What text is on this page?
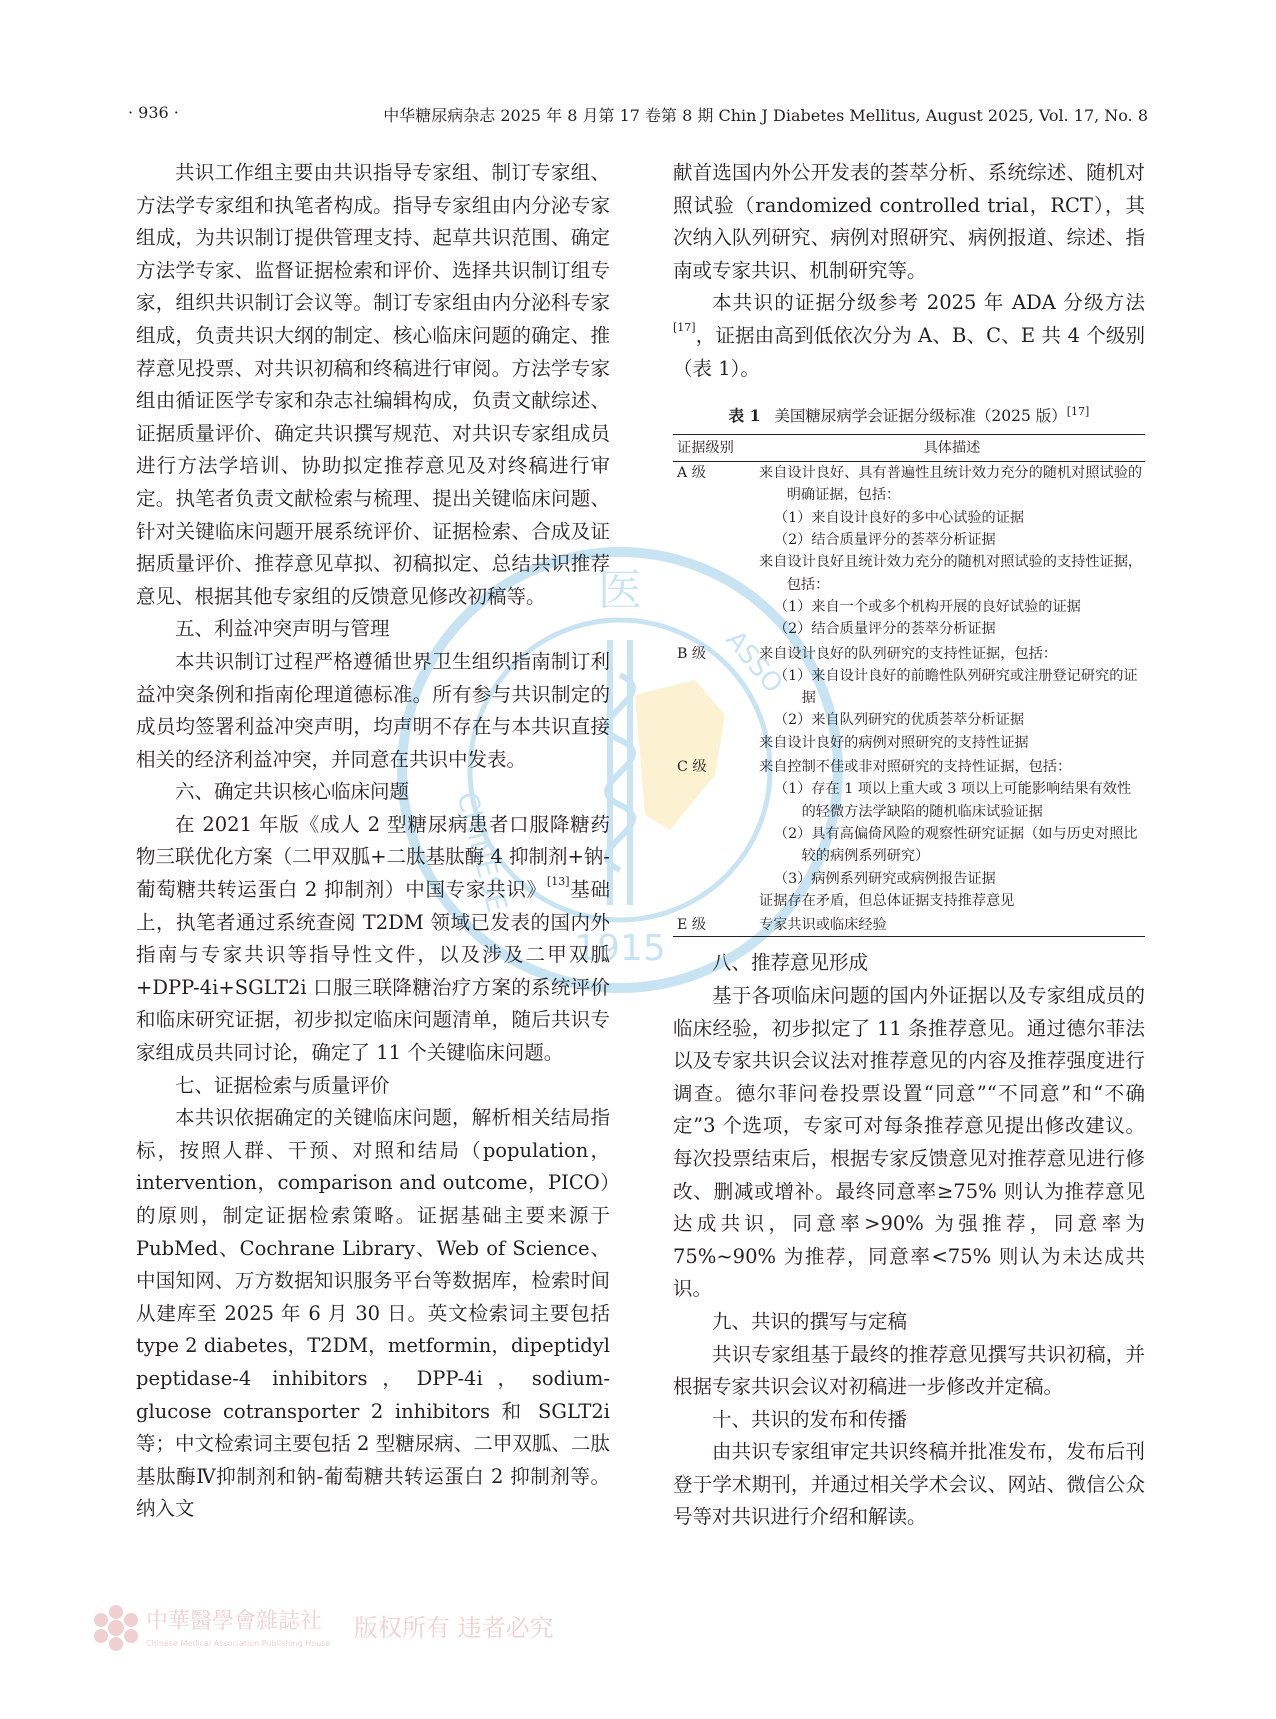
· 936 ·	中华糖尿病杂志 2025 年 8 月第 17 卷第 8 期 Chin J Diabetes Mellitus, August 2025, Vol. 17, No. 8
医
CHINESE
ASSO
1915

共识工作组主要由共识指导专家组、制订专家组、方法学专家组和执笔者构成。指导专家组由内分泌专家组成，为共识制订提供管理支持、起草共识范围、确定方法学专家、监督证据检索和评价、选择共识制订组专家，组织共识制订会议等。制订专家组由内分泌科专家组成，负责共识大纲的制定、核心临床问题的确定、推荐意见投票、对共识初稿和终稿进行审阅。方法学专家组由循证医学专家和杂志社编辑构成，负责文献综述、证据质量评价、确定共识撰写规范、对共识专家组成员进行方法学培训、协助拟定推荐意见及对终稿进行审定。执笔者负责文献检索与梳理、提出关键临床问题、针对关键临床问题开展系统评价、证据检索、合成及证据质量评价、推荐意见草拟、初稿拟定、总结共识推荐意见、根据其他专家组的反馈意见修改初稿等。

五、利益冲突声明与管理

本共识制订过程严格遵循世界卫生组织指南制订利益冲突条例和指南伦理道德标准。所有参与共识制定的成员均签署利益冲突声明，均声明不存在与本共识直接相关的经济利益冲突，并同意在共识中发表。

六、确定共识核心临床问题

在 2021 年版《成人 2 型糖尿病患者口服降糖药物三联优化方案（二甲双胍+二肽基肽酶 4 抑制剂+钠-葡萄糖共转运蛋白 2 抑制剂）中国专家共识》[13]基础上，执笔者通过系统查阅 T2DM 领域已发表的国内外指南与专家共识等指导性文件，以及涉及二甲双胍+DPP-4i+SGLT2i 口服三联降糖治疗方案的系统评价和临床研究证据，初步拟定临床问题清单，随后共识专家组成员共同讨论，确定了 11 个关键临床问题。

七、证据检索与质量评价

本共识依据确定的关键临床问题，解析相关结局指标，按照人群、干预、对照和结局（population，intervention，comparison and outcome，PICO）的原则，制定证据检索策略。证据基础主要来源于 PubMed、Cochrane Library、Web of Science、中国知网、万方数据知识服务平台等数据库，检索时间从建库至 2025 年 6 月 30 日。英文检索词主要包括 type 2 diabetes，T2DM，metformin，dipeptidyl peptidase-4 inhibitors，DPP-4i，sodium-glucose cotransporter 2 inhibitors 和 SGLT2i 等；中文检索词主要包括 2 型糖尿病、二甲双胍、二肽基肽酶Ⅳ抑制剂和钠-葡萄糖共转运蛋白 2 抑制剂等。纳入文

献首选国内外公开发表的荟萃分析、系统综述、随机对照试验（randomized controlled trial，RCT），其次纳入队列研究、病例对照研究、病例报道、综述、指南或专家共识、机制研究等。

本共识的证据分级参考 2025 年 ADA 分级方法[17]，证据由高到低依次分为 A、B、C、E 共 4 个级别（表 1）。

表 1 美国糖尿病学会证据分级标准（2025 版）[17]
证据级别	具体描述
A 级	来自设计良好、具有普遍性且统计效力充分的随机对照试验的明确证据，包括：

	（1）来自设计良好的多中心试验的证据

	（2）结合质量评分的荟萃分析证据

	来自设计良好且统计效力充分的随机对照试验的支持性证据，包括：

	（1）来自一个或多个机构开展的良好试验的证据

	（2）结合质量评分的荟萃分析证据

B 级	来自设计良好的队列研究的支持性证据，包括：

	（1）来自设计良好的前瞻性队列研究或注册登记研究的证据

	（2）来自队列研究的优质荟萃分析证据

	来自设计良好的病例对照研究的支持性证据

C 级	来自控制不佳或非对照研究的支持性证据，包括：

	（1）存在 1 项以上重大或 3 项以上可能影响结果有效性的轻微方法学缺陷的随机临床试验证据

	（2）具有高偏倚风险的观察性研究证据（如与历史对照比较的病例系列研究）

	（3）病例系列研究或病例报告证据

	证据存在矛盾，但总体证据支持推荐意见

E 级	专家共识或临床经验
八、推荐意见形成

基于各项临床问题的国内外证据以及专家组成员的临床经验，初步拟定了 11 条推荐意见。通过德尔菲法以及专家共识会议法对推荐意见的内容及推荐强度进行调查。德尔菲问卷投票设置“同意”“不同意”和“不确定”3 个选项，专家可对每条推荐意见提出修改建议。每次投票结束后，根据专家反馈意见对推荐意见进行修改、删减或增补。最终同意率≥75% 则认为推荐意见达成共识，同意率>90% 为强推荐，同意率为 75%~90% 为推荐，同意率<75% 则认为未达成共识。

九、共识的撰写与定稿

共识专家组基于最终的推荐意见撰写共识初稿，并根据专家共识会议对初稿进一步修改并定稿。

十、共识的发布和传播

由共识专家组审定共识终稿并批准发布，发布后刊登于学术期刊，并通过相关学术会议、网站、微信公众号等对共识进行介绍和解读。

中華醫學會雜誌社
Chinese Medical Association Publishing House
版权所有 违者必究
